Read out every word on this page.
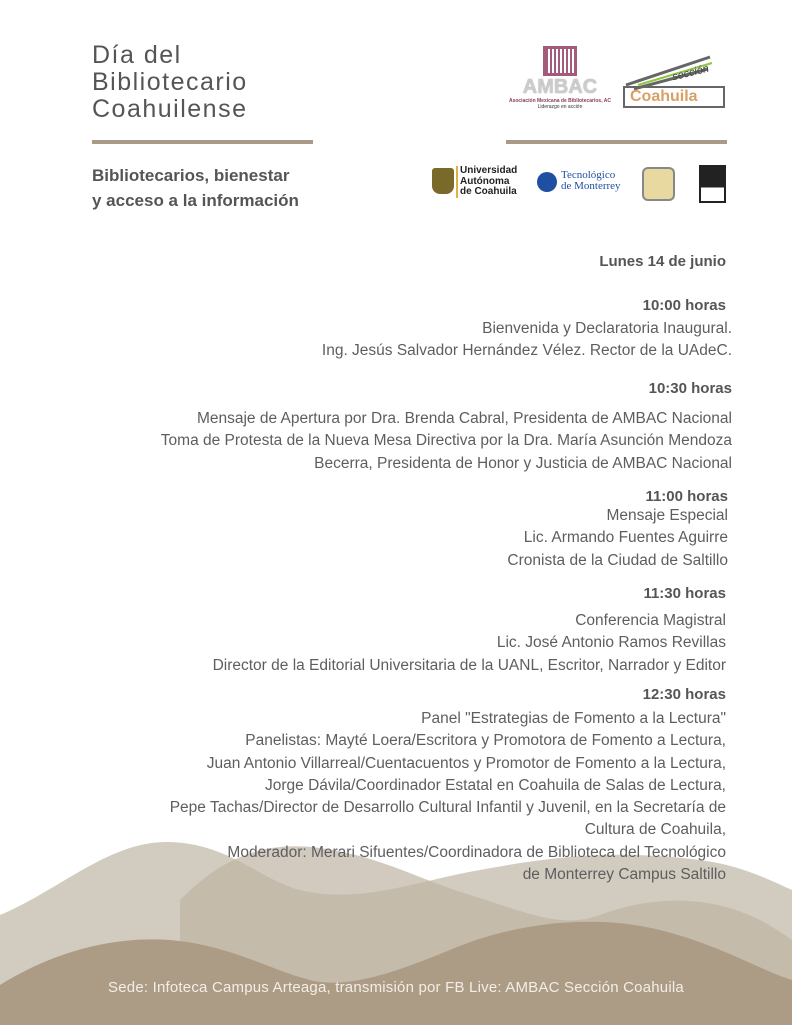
Día del
Bibliotecario
Coahuilense
Bibliotecarios, bienestar
y acceso a la información
AMBAC
Asociación Mexicana de Bibliotecarios, AC
Liderazgo en acción
sección
Coahuila
Universidad
Autónoma
de Coahuila
Tecnológico
de Monterrey
Lunes 14 de junio
10:00 horas
Bienvenida y Declaratoria Inaugural.
Ing. Jesús Salvador Hernández Vélez. Rector de la UAdeC.
10:30 horas
Mensaje de Apertura por Dra. Brenda Cabral, Presidenta de AMBAC Nacional
Toma de Protesta de la Nueva Mesa Directiva por la Dra. María Asunción Mendoza
Becerra, Presidenta de Honor y Justicia de AMBAC Nacional
11:00 horas
Mensaje Especial
Lic. Armando Fuentes Aguirre
Cronista de la Ciudad de Saltillo
11:30 horas
Conferencia Magistral
Lic. José Antonio Ramos Revillas
Director de la Editorial Universitaria de la UANL, Escritor, Narrador y Editor
12:30 horas
Panel "Estrategias de Fomento a la Lectura"
Panelistas: Mayté Loera/Escritora y Promotora de Fomento a Lectura,
Juan Antonio Villarreal/Cuentacuentos y Promotor de Fomento a la Lectura,
Jorge Dávila/Coordinador Estatal en Coahuila de Salas de Lectura,
Pepe Tachas/Director de Desarrollo Cultural Infantil y Juvenil, en la Secretaría de
Cultura de Coahuila,
Moderador: Merari Sifuentes/Coordinadora de Biblioteca del Tecnológico
de Monterrey Campus Saltillo
Sede: Infoteca Campus Arteaga, transmisión por FB Live: AMBAC Sección Coahuila
